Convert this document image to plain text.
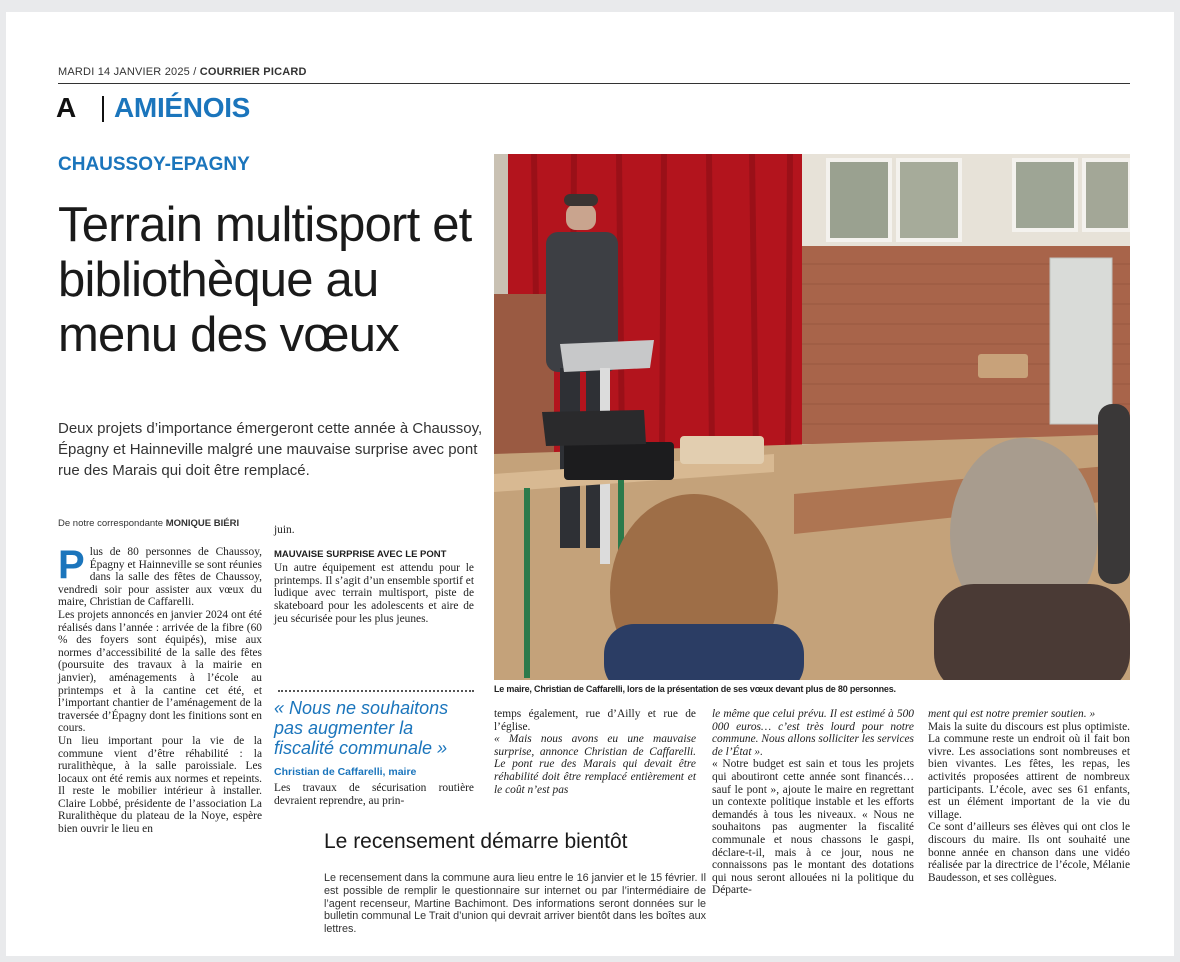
MARDI 14 JANVIER 2025 / COURRIER PICARD
A AMIÉNOIS
CHAUSSOY-EPAGNY
Terrain multisport et bibliothèque au menu des vœux
Deux projets d’importance émergeront cette année à Chaussoy, Épagny et Hainneville malgré une mauvaise surprise avec pont rue des Marais qui doit être remplacé.
De notre correspondante MONIQUE BIÉRI

Plus de 80 personnes de Chaussoy, Épagny et Hainneville se sont réunies dans la salle des fêtes de Chaussoy, vendredi soir pour assister aux vœux du maire, Christian de Caffarelli.

Les projets annoncés en janvier 2024 ont été réalisés dans l’année : arrivée de la fibre (60 % des foyers sont équipés), mise aux normes d’accessibilité de la salle des fêtes (poursuite des travaux à la mairie en janvier), aménagements à l’école au printemps et à la cantine cet été, et l’important chantier de l’aménagement de la traversée d’Épagny dont les finitions sont en cours.

Un lieu important pour la vie de la commune vient d’être réhabilité : la ruralithèque, à la salle paroissiale. Les locaux ont été remis aux normes et repeints. Il reste le mobilier intérieur à installer. Claire Lobbé, présidente de l’association La Ruralithèque du plateau de la Noye, espère bien ouvrir le lieu en

juin.

MAUVAISE SURPRISE AVEC LE PONT

Un autre équipement est attendu pour le printemps. Il s’agit d’un ensemble sportif et ludique avec terrain multisport, piste de skateboard pour les adolescents et aire de jeu sécurisée pour les plus jeunes.

« Nous ne souhaitons pas augmenter la fiscalité communale »
Christian de Caffarelli, maire

Les travaux de sécurisation routière devraient reprendre, au prin-

Le maire, Christian de Caffarelli, lors de la présentation de ses vœux devant plus de 80 personnes.

temps également, rue d’Ailly et rue de l’église.

« Mais nous avons eu une mauvaise surprise, annonce Christian de Caffarelli. Le pont rue des Marais qui devait être réhabilité doit être remplacé entièrement et le coût n’est pas

le même que celui prévu. Il est estimé à 500 000 euros… c’est très lourd pour notre commune. Nous allons solliciter les services de l’État ».

« Notre budget est sain et tous les projets qui aboutiront cette année sont financés… sauf le pont », ajoute le maire en regrettant un contexte politique instable et les efforts demandés à tous les niveaux. « Nous ne souhaitons pas augmenter la fiscalité communale et nous chassons le gaspi, déclare-t-il, mais à ce jour, nous ne connaissons pas le montant des dotations qui nous seront allouées ni la politique du Départe-

ment qui est notre premier soutien. »

Mais la suite du discours est plus optimiste. La commune reste un endroit où il fait bon vivre. Les associations sont nombreuses et bien vivantes. Les fêtes, les repas, les activités proposées attirent de nombreux participants. L’école, avec ses 61 enfants, est un élément important de la vie du village.

Ce sont d’ailleurs ses élèves qui ont clos le discours du maire. Ils ont souhaité une bonne année en chanson dans une vidéo réalisée par la directrice de l’école, Mélanie Baudesson, et ses collègues.

Le recensement démarre bientôt
Le recensement dans la commune aura lieu entre le 16 janvier et le 15 février. Il est possible de remplir le questionnaire sur internet ou par l’intermédiaire de l’agent recenseur, Martine Bachimont. Des informations seront données sur le bulletin communal Le Trait d’union qui devrait arriver bientôt dans les boîtes aux lettres.
